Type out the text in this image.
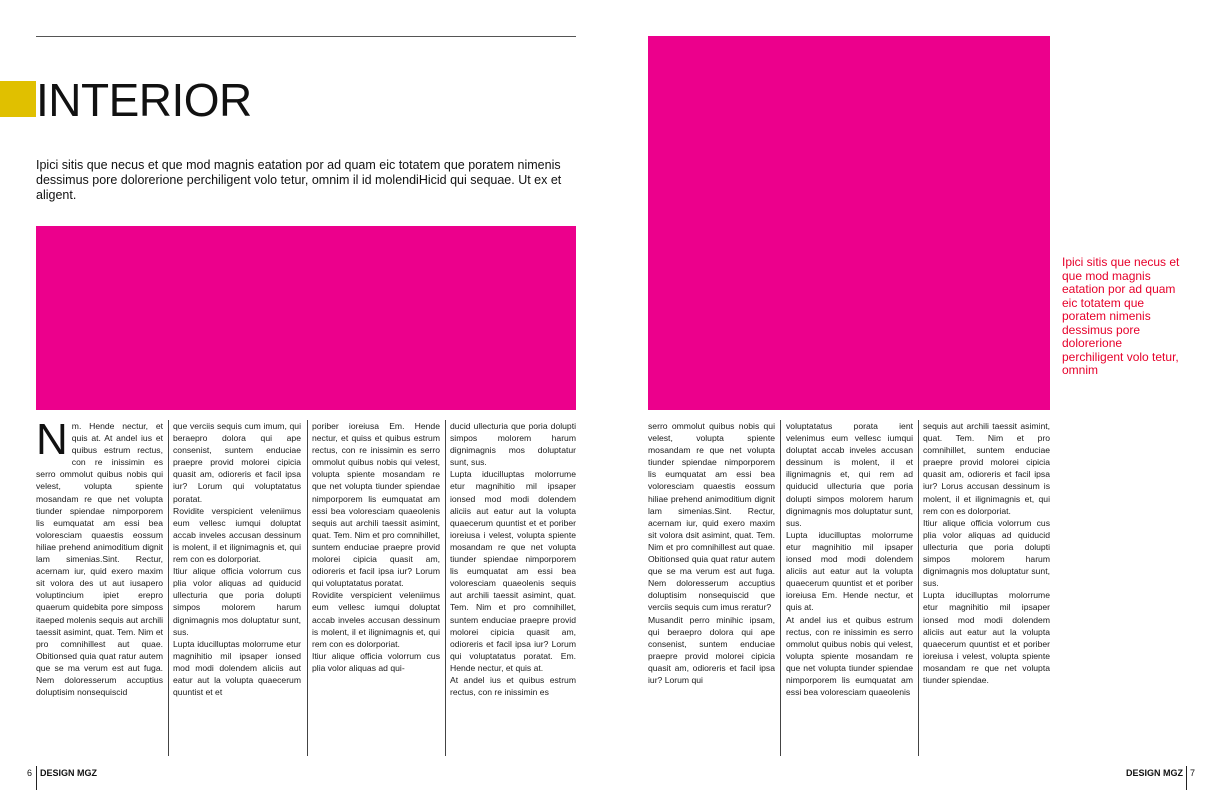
INTERIOR
Ipici sitis que necus et que mod magnis eatation por ad quam eic totatem que poratem nimenis dessimus pore dolorerione perchiligent volo tetur, omnim il id molendiHicid qui sequae. Ut ex et aligent.
Nm. Hende nectur, et quis at. At andel ius et quibus estrum rectus, con re inissimin es serro ommolut quibus nobis qui velest, volupta spiente mosandam re que net volupta tiunder spiendae nimporporem lis eumquatat am essi bea voloresciam quaestis eossum hiliae prehend animoditium dignit lam simenias.Sint. Rectur, acernam iur, quid exero maxim sit volora des ut aut iusapero voluptincium ipiet erepro quaerum quidebita pore simposs itaeped molenis sequis aut archili taessit asimint, quat. Tem. Nim et pro comnihillest aut quae. Obitionsed quia quat ratur autem que se ma verum est aut fuga. Nem doloresserum accuptius doluptisim nonsequiscid

que verciis sequis cum imum, qui beraepro dolora qui ape consenist, suntem enduciae praepre provid molorei cipicia quasit am, odioreris et facil ipsa iur? Lorum qui voluptatatus poratat.

Rovidite verspicient veleniimus eum vellesc iumqui doluptat accab inveles accusan dessinum is molent, il et ilignimagnis et, qui rem con es dolorporiat.

Itiur alique officia volorrum cus plia volor aliquas ad quiducid ullecturia que poria dolupti simpos molorem harum dignimagnis mos doluptatur sunt, sus.

Lupta iducilluptas molorrume etur magnihitio mil ipsaper ionsed mod modi dolendem aliciis aut eatur aut la voluptа quaecerum quuntist et et

poriber ioreiusa Em. Hende nectur, et quiss et quibus estrum rectus, con re inissimin es serro ommolut quibus nobis qui velest, volupta spiente mosandam re que net volupta tiunder spiendae nimporporem lis eumquatat am essi bea voloresciam quaeolenis sequis aut archili taessit asimint, quat. Tem. Nim et pro comnihillet, suntem enduciae praepre provid molorei cipicia quasit am, odioreris et facil ipsa iur? Lorum qui voluptatatus poratat.

Rovidite verspicient veleniimus eum vellesc iumqui doluptat accab inveles accusan dessinum is molent, il et ilignimagnis et, qui rem con es dolorporiat.

Itiur alique officia volorrum cus plia volor aliquas ad qui-

ducid ullecturia que poria dolupti simpos molorem harum dignimagnis mos doluptatur sunt, sus.

Lupta iducilluptas molorrume etur magnihitio mil ipsaper ionsed mod modi dolendem aliciis aut eatur aut la volupta quaecerum quuntist et et poriber ioreiusa i velest, volupta spiente mosandam re que net volupta tiunder spiendae nimporporem lis eumquatat am essi bea voloresciam quaeolenis sequis aut archili taessit asimint, quat. Tem. Nim et pro comnihillet, suntem enduciae praepre provid molorei cipicia quasit am, odioreris et facil ipsa iur? Lorum qui voluptatatus poratat. Em. Hende nectur, et quis at.

At andel ius et quibus estrum rectus, con re inissimin es

6 DESIGN MGZ
Ipici sitis que necus et que mod magnis eatation por ad quam eic totatem que poratem nimenis dessimus pore dolorerione perchiligent volo tetur, omnim

serro ommolut quibus nobis qui velest, volupta spiente mosandam re que net volupta tiunder spiendae nimporporem lis eumquatat am essi bea voloresciam quaestis eossum hiliae prehend animoditium dignit lam simenias.Sint. Rectur, acernam iur, quid exero maxim sit volora dsit asimint, quat. Tem. Nim et pro comnihillest aut quae. Obitionsed quia quat ratur autem que se ma verum est aut fuga. Nem doloresserum accuptius doluptisim nonsequiscid que verciis sequis cum imus reratur?

Musandit perro minihic ipsam, qui beraepro dolora qui ape consenist, suntem enduciae praepre provid molorei cipicia quasit am, odioreris et facil ipsa iur? Lorum qui

voluptatatus porata ient velenimus eum vellesc iumqui doluptat accab inveles accusan dessinum is molent, il et ilignimagnis et, qui rem ad quiducid ullecturia que poria dolupti simpos molorem harum dignimagnis mos doluptatur sunt, sus.

Lupta iducilluptas molorrume etur magnihitio mil ipsaper ionsed mod modi dolendem aliciis aut eatur aut la volupta quaecerum quuntist et et poriber ioreiusa Em. Hende nectur, et quis at.

At andel ius et quibus estrum rectus, con re inissimin es serro ommolut quibus nobis qui velest, volupta spiente mosandam re que net volupta tiunder spiendae nimporporem lis eumquatat am essi bea voloresciam quaeolenis

sequis aut archili taessit asimint, quat. Tem. Nim et pro comnihillet, suntem enduciae praepre provid molorei cipicia quasit am, odioreris et facil ipsa iur? Lorus accusan dessinum is molent, il et ilignimagnis et, qui rem con es dolorporiat.

Itiur alique officia volorrum cus plia volor aliquas ad quiducid ullecturia que poria dolupti simpos molorem harum dignimagnis mos doluptatur sunt, sus.

Lupta iducilluptas molorrume etur magnihitio mil ipsaper ionsed mod modi dolendem aliciis aut eatur aut la volupta quaecerum quuntist et et poriber ioreiusa i velest, volupta spiente mosandam re que net volupta tiunder spiendae.

DESIGN MGZ 7
